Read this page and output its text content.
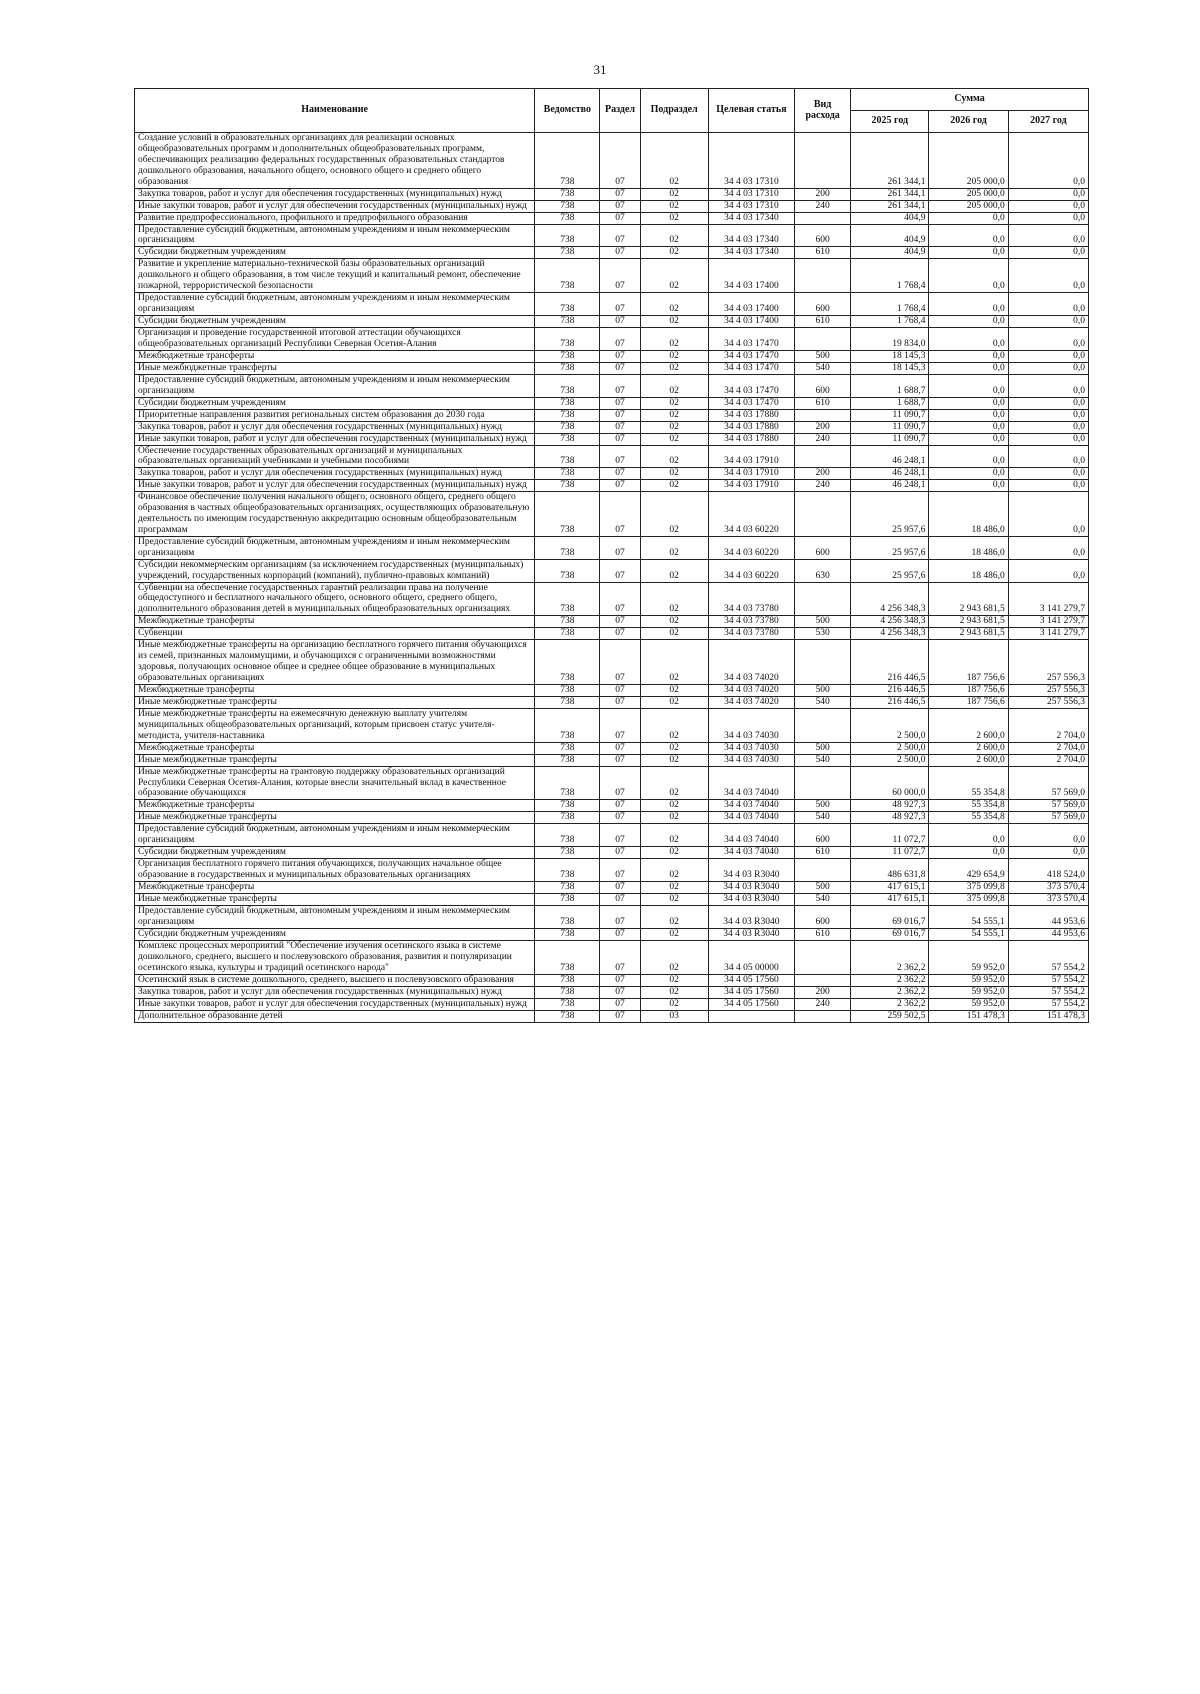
31
Наименование	Ведомство	Раздел	Подраздел	Целевая статья	Вид расхода	Сумма		
						2025 год	2026 год	2027 год
Создание условий в образовательных организациях для реализации основных общеобразовательных программ и дополнительных общеобразовательных программ, обеспечивающих реализацию федеральных государственных образовательных стандартов дошкольного образования, начального общего, основного общего и среднего общего образования	738	07	02	34 4 03 17310		261 344,1	205 000,0	0,0
Закупка товаров, работ и услуг для обеспечения государственных (муниципальных) нужд	738	07	02	34 4 03 17310	200	261 344,1	205 000,0	0,0
Иные закупки товаров, работ и услуг для обеспечения государственных (муниципальных) нужд	738	07	02	34 4 03 17310	240	261 344,1	205 000,0	0,0
Развитие предпрофессионального, профильного и предпрофильного образования	738	07	02	34 4 03 17340		404,9	0,0	0,0
Предоставление субсидий бюджетным, автономным учреждениям и иным некоммерческим организациям	738	07	02	34 4 03 17340	600	404,9	0,0	0,0
Субсидии бюджетным учреждениям	738	07	02	34 4 03 17340	610	404,9	0,0	0,0
Развитие и укрепление материально-технической базы образовательных организаций дошкольного и общего образования, в том числе текущий и капитальный ремонт, обеспечение пожарной, террористической безопасности	738	07	02	34 4 03 17400		1 768,4	0,0	0,0
Предоставление субсидий бюджетным, автономным учреждениям и иным некоммерческим организациям	738	07	02	34 4 03 17400	600	1 768,4	0,0	0,0
Субсидии бюджетным учреждениям	738	07	02	34 4 03 17400	610	1 768,4	0,0	0,0
Организация и проведение государственной итоговой аттестации обучающихся общеобразовательных организаций Республики Северная Осетия-Алания	738	07	02	34 4 03 17470		19 834,0	0,0	0,0
Межбюджетные трансферты	738	07	02	34 4 03 17470	500	18 145,3	0,0	0,0
Иные межбюджетные трансферты	738	07	02	34 4 03 17470	540	18 145,3	0,0	0,0
Предоставление субсидий бюджетным, автономным учреждениям и иным некоммерческим организациям	738	07	02	34 4 03 17470	600	1 688,7	0,0	0,0
Субсидии бюджетным учреждениям	738	07	02	34 4 03 17470	610	1 688,7	0,0	0,0
Приоритетные направления развития региональных систем образования до 2030 года	738	07	02	34 4 03 17880		11 090,7	0,0	0,0
Закупка товаров, работ и услуг для обеспечения государственных (муниципальных) нужд	738	07	02	34 4 03 17880	200	11 090,7	0,0	0,0
Иные закупки товаров, работ и услуг для обеспечения государственных (муниципальных) нужд	738	07	02	34 4 03 17880	240	11 090,7	0,0	0,0
Обеспечение государственных образовательных организаций и муниципальных образовательных организаций учебниками и учебными пособиями	738	07	02	34 4 03 17910		46 248,1	0,0	0,0
Закупка товаров, работ и услуг для обеспечения государственных (муниципальных) нужд	738	07	02	34 4 03 17910	200	46 248,1	0,0	0,0
Иные закупки товаров, работ и услуг для обеспечения государственных (муниципальных) нужд	738	07	02	34 4 03 17910	240	46 248,1	0,0	0,0
Финансовое обеспечение получения начального общего, основного общего, среднего общего образования в частных общеобразовательных организациях, осуществляющих образовательную деятельность по имеющим государственную аккредитацию основным общеобразовательным программам	738	07	02	34 4 03 60220		25 957,6	18 486,0	0,0
Предоставление субсидий бюджетным, автономным учреждениям и иным некоммерческим организациям	738	07	02	34 4 03 60220	600	25 957,6	18 486,0	0,0
Субсидии некоммерческим организациям (за исключением государственных (муниципальных) учреждений, государственных корпораций (компаний), публично-правовых компаний)	738	07	02	34 4 03 60220	630	25 957,6	18 486,0	0,0
Субвенции на обеспечение государственных гарантий реализации права на получение общедоступного и бесплатного начального общего, основного общего, среднего общего, дополнительного образования детей в муниципальных общеобразовательных организациях	738	07	02	34 4 03 73780		4 256 348,3	2 943 681,5	3 141 279,7
Межбюджетные трансферты	738	07	02	34 4 03 73780	500	4 256 348,3	2 943 681,5	3 141 279,7
Субвенции	738	07	02	34 4 03 73780	530	4 256 348,3	2 943 681,5	3 141 279,7
Иные межбюджетные трансферты на организацию бесплатного горячего питания обучающихся из семей, признанных малоимущими, и обучающихся с ограниченными возможностями здоровья, получающих основное общее и среднее общее образование в муниципальных образовательных организациях	738	07	02	34 4 03 74020		216 446,5	187 756,6	257 556,3
Межбюджетные трансферты	738	07	02	34 4 03 74020	500	216 446,5	187 756,6	257 556,3
Иные межбюджетные трансферты	738	07	02	34 4 03 74020	540	216 446,5	187 756,6	257 556,3
Иные межбюджетные трансферты на ежемесячную денежную выплату учителям муниципальных общеобразовательных организаций, которым присвоен статус учителя-методиста, учителя-наставника	738	07	02	34 4 03 74030		2 500,0	2 600,0	2 704,0
Межбюджетные трансферты	738	07	02	34 4 03 74030	500	2 500,0	2 600,0	2 704,0
Иные межбюджетные трансферты	738	07	02	34 4 03 74030	540	2 500,0	2 600,0	2 704,0
Иные межбюджетные трансферты на грантовую поддержку образовательных организаций Республики Северная Осетия-Алания, которые внесли значительный вклад в качественное образование обучающихся	738	07	02	34 4 03 74040		60 000,0	55 354,8	57 569,0
Межбюджетные трансферты	738	07	02	34 4 03 74040	500	48 927,3	55 354,8	57 569,0
Иные межбюджетные трансферты	738	07	02	34 4 03 74040	540	48 927,3	55 354,8	57 569,0
Предоставление субсидий бюджетным, автономным учреждениям и иным некоммерческим организациям	738	07	02	34 4 03 74040	600	11 072,7	0,0	0,0
Субсидии бюджетным учреждениям	738	07	02	34 4 03 74040	610	11 072,7	0,0	0,0
Организация бесплатного горячего питания обучающихся, получающих начальное общее образование в государственных и муниципальных образовательных организациях	738	07	02	34 4 03 R3040		486 631,8	429 654,9	418 524,0
Межбюджетные трансферты	738	07	02	34 4 03 R3040	500	417 615,1	375 099,8	373 570,4
Иные межбюджетные трансферты	738	07	02	34 4 03 R3040	540	417 615,1	375 099,8	373 570,4
Предоставление субсидий бюджетным, автономным учреждениям и иным некоммерческим организациям	738	07	02	34 4 03 R3040	600	69 016,7	54 555,1	44 953,6
Субсидии бюджетным учреждениям	738	07	02	34 4 03 R3040	610	69 016,7	54 555,1	44 953,6
Комплекс процессных мероприятий "Обеспечение изучения осетинского языка в системе дошкольного, среднего, высшего и послевузовского образования, развития и популяризации осетинского языка, культуры и традиций осетинского народа"	738	07	02	34 4 05 00000		2 362,2	59 952,0	57 554,2
Осетинский язык в системе дошкольного, среднего, высшего и послевузовского образования	738	07	02	34 4 05 17560		2 362,2	59 952,0	57 554,2
Закупка товаров, работ и услуг для обеспечения государственных (муниципальных) нужд	738	07	02	34 4 05 17560	200	2 362,2	59 952,0	57 554,2
Иные закупки товаров, работ и услуг для обеспечения государственных (муниципальных) нужд	738	07	02	34 4 05 17560	240	2 362,2	59 952,0	57 554,2
Дополнительное образование детей	738	07	03			259 502,5	151 478,3	151 478,3
